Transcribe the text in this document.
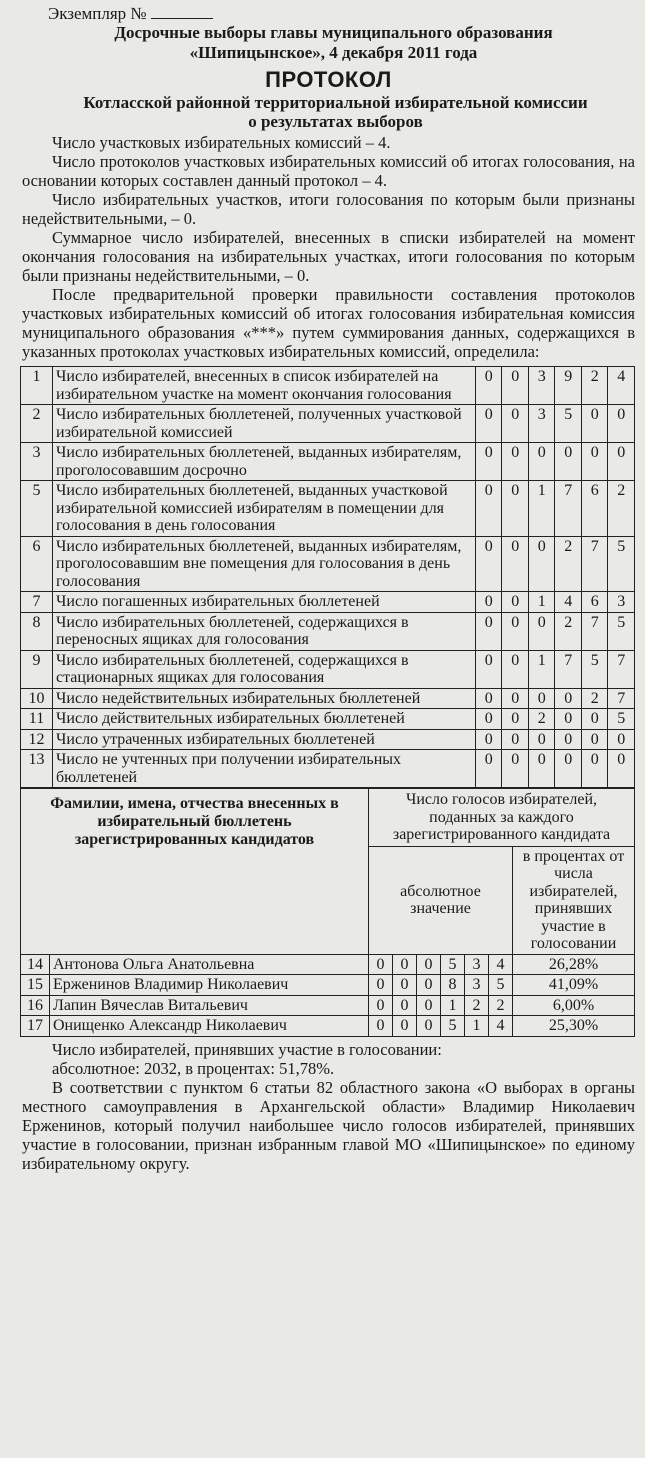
Экземпляр №
Досрочные выборы главы муниципального образования
«Шипицынское», 4 декабря 2011 года
ПРОТОКОЛ
Котласской районной территориальной избирательной комиссии
о результатах выборов

Число участковых избирательных комиссий – 4.

Число протоколов участковых избирательных комиссий об итогах голосования, на основании которых составлен данный протокол – 4.

Число избирательных участков, итоги голосования по которым были признаны недействительными, – 0.

Суммарное число избирателей, внесенных в списки избирателей на момент окончания голосования на избирательных участках, итоги голосования по которым были признаны недействительными, – 0.

После предварительной проверки правильности составления протоколов участковых избирательных комиссий об итогах голосования избирательная комиссия муниципального образования «***» путем суммирования данных, содержащихся в указанных протоколах участковых избирательных комиссий, определила:

1	Число избирателей, внесенных в список избирателей на избирательном участке на момент окончания голосования	0	0	3	9	2	4
2	Число избирательных бюллетеней, полученных участковой избирательной комиссией	0	0	3	5	0	0
3	Число избирательных бюллетеней, выданных избирателям, проголосовавшим досрочно	0	0	0	0	0	0
5	Число избирательных бюллетеней, выданных участковой избирательной комиссией избирателям в помещении для голосования в день голосования	0	0	1	7	6	2
6	Число избирательных бюллетеней, выданных избирателям, проголосовавшим вне помещения для голосования в день голосования	0	0	0	2	7	5
7	Число погашенных избирательных бюллетеней	0	0	1	4	6	3
8	Число избирательных бюллетеней, содержащихся в переносных ящиках для голосования	0	0	0	2	7	5
9	Число избирательных бюллетеней, содержащихся в стационарных ящиках для голосования	0	0	1	7	5	7
10	Число недействительных избирательных бюллетеней	0	0	0	0	2	7
11	Число действительных избирательных бюллетеней	0	0	2	0	0	5
12	Число утраченных избирательных бюллетеней	0	0	0	0	0	0
13	Число не учтенных при получении избирательных бюллетеней	0	0	0	0	0	0
Фамилии, имена, отчества внесенных в избирательный бюллетень зарегистрированных кандидатов		Число голосов избирателей, поданных за каждого зарегистрированного кандидата						
		абсолютное значение						в процентах от числа избирателей, принявших участие в голосовании
14	Антонова Ольга Анатольевна	0	0	0	5	3	4	26,28%
15	Ерженинов Владимир Николаевич	0	0	0	8	3	5	41,09%
16	Лапин Вячеслав Витальевич	0	0	0	1	2	2	6,00%
17	Онищенко Александр Николаевич	0	0	0	5	1	4	25,30%

Число избирателей, принявших участие в голосовании:

абсолютное: 2032, в процентах: 51,78%.

В соответствии с пунктом 6 статьи 82 областного закона «О выборах в органы местного самоуправления в Архангельской области» Владимир Николаевич Ерженинов, который получил наибольшее число голосов избирателей, принявших участие в голосовании, признан избранным главой МО «Шипицынское» по единому избирательному округу.
